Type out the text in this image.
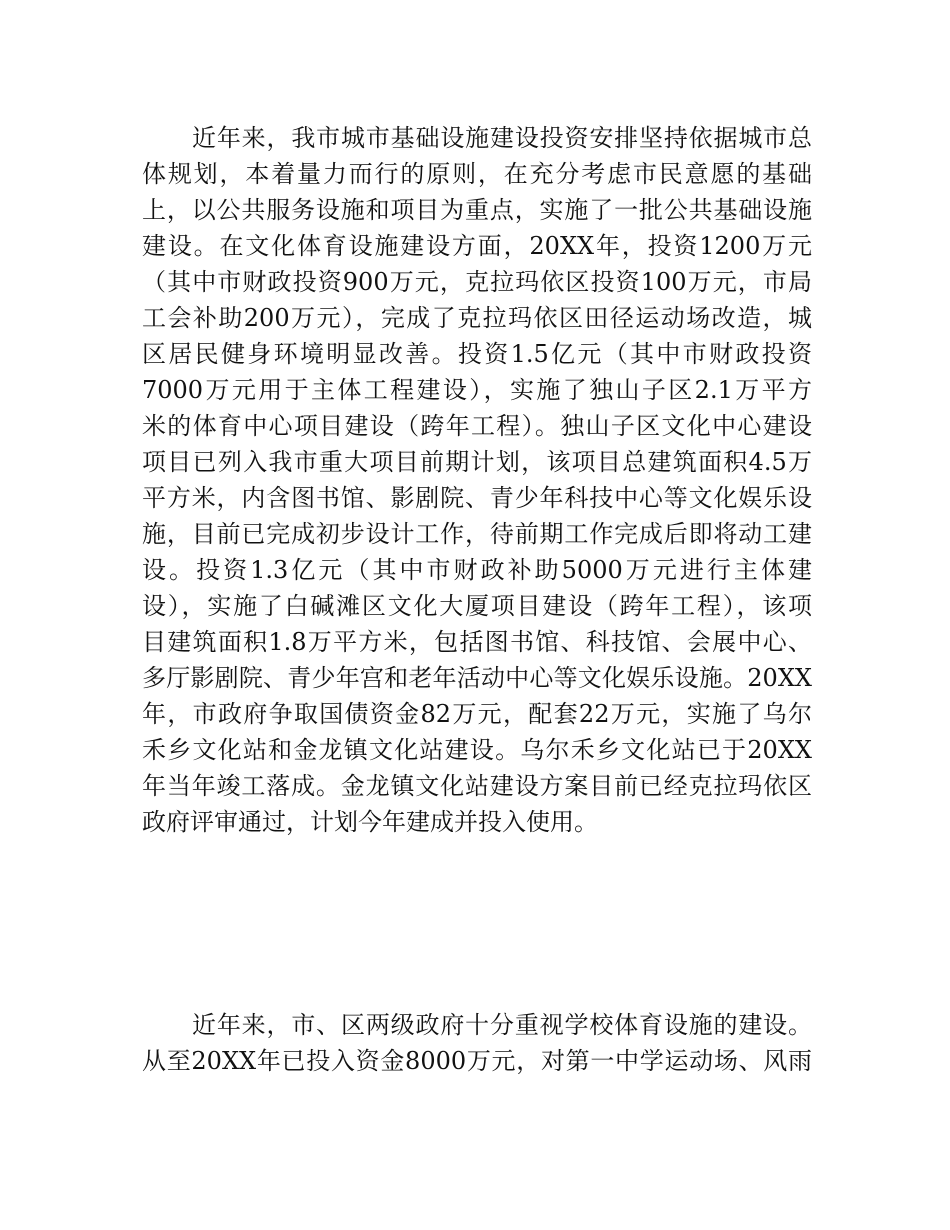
近年来，我市城市基础设施建设投资安排坚持依据城市总
体规划，本着量力而行的原则，在充分考虑市民意愿的基础
上，以公共服务设施和项目为重点，实施了一批公共基础设施
建设。在文化体育设施建设方面，20XX年，投资1200万元
（其中市财政投资900万元，克拉玛依区投资100万元，市局
工会补助200万元），完成了克拉玛依区田径运动场改造，城
区居民健身环境明显改善。投资1.5亿元（其中市财政投资
7000万元用于主体工程建设），实施了独山子区2.1万平方
米的体育中心项目建设（跨年工程）。独山子区文化中心建设
项目已列入我市重大项目前期计划，该项目总建筑面积4.5万
平方米，内含图书馆、影剧院、青少年科技中心等文化娱乐设
施，目前已完成初步设计工作，待前期工作完成后即将动工建
设。投资1.3亿元（其中市财政补助5000万元进行主体建
设），实施了白碱滩区文化大厦项目建设（跨年工程），该项
目建筑面积1.8万平方米，包括图书馆、科技馆、会展中心、
多厅影剧院、青少年宫和老年活动中心等文化娱乐设施。20XX
年，市政府争取国债资金82万元，配套22万元，实施了乌尔
禾乡文化站和金龙镇文化站建设。乌尔禾乡文化站已于20XX
年当年竣工落成。金龙镇文化站建设方案目前已经克拉玛依区
政府评审通过，计划今年建成并投入使用。
近年来，市、区两级政府十分重视学校体育设施的建设。
从至20XX年已投入资金8000万元，对第一中学运动场、风雨
